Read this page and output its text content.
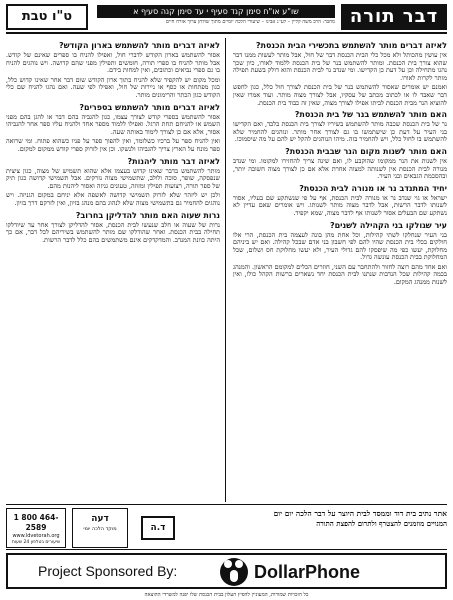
דבר תורה
שו"ע או"ח סימן קנד סעיף י עד סימן קנה סעיף א
מחבר: הרב משה קליין – לע"נ אבינו – שיעורי הלכה יומיים מתוך שולחן ערוך אורח חיים
ט"ו טבת
לאיזה דברים מותר להשתמש בתכשירי הבית הכנסת?
אין עושין מהכותל ולא מכל כלי הבית הכנסת דבר של חול, אבל מותר לעשות ממנו דבר שהוא צורך בית הכנסת. ומותר להשתמש בנר של בית הכנסת ללמוד לאורו, כיון שכך נהגו מתחילה וכן על דעת כן הקדישו. ומי שנדב נר לבית הכנסת והוא דולק בשעת תפילה מותר לקרות לאורו.
ואמנם יש אומרים שאסור להשתמש בנר של בית הכנסת לצורך חול כלל, כגון לחפש דבר שאבד לו או לכתוב מכתב של עסקיו, אבל לצורך מצוה מותר. ועוד אמרו שאין להוציא הנר מבית הכנסת לביתו אפילו לצורך מצוה, שאין זה כבוד בית הכנסת.
האם מותר להשתמש בנר של בית הכנסת?
נר של בית הכנסת שכבה מותר להשתמש בשיריו לצורך בית הכנסת בלבד, ואם הקדישו בני העיר על דעת כן שישתמשו בו גם לצורך אחר מותר. ונוהגים להחמיר שלא להשתמש בו לחול כלל, ויש להחמיר בזה. מיהו הנוהגים להקל יש להם על מה שיסמוכו.
האם מותר לשנות מקום הנר שבבית הכנסת?
אין לשנות את הנר ממקומו שהוקבע לו, ואם שינה צריך להחזירו למקומו. ומי שנדב מנורה לבית הכנסת אין לשנותה למצוה אחרת אלא אם כן לצורך מצוה חשובה יותר, ובהסכמת הגבאים ובני העיר.
יחיד המתנדב נר או מנורה לבית הכנסת?
ישראל או גוי שנדב נר או מנורה לבית הכנסת, אף על פי שנשתקע שם בעליו, אסור לשנותו לדבר הרשות, אבל לדבר מצוה מותר לשנותו. ויש אומרים שאם עדיין לא נשתקע שם הבעלים אסור לשנותו אף לדבר מצוה, שמא יקפיד.
עיר שגולקו בני הקהילה לשנים?
בני העיר שנחלקו לשתי קהילות, וכל אחת מהן בונה לעצמה בית הכנסת, הרי אלו חולקים בכלי בית הכנסת שהיו להם לפי חשבון בני אדם שבכל קהילה. ואם יש ביניהם מחלוקת, יעשו כפי מה שיפסקו להם גדולי העיר, ולא יעשו מחלוקת חס ושלום, שכל המחלוקת בבית הכנסת עונשה גדול.
ואם אחד מהם רוצה לחזור ולהתחבר עם השני, חוזרים הכלים למקומם הראשון. והמנהג בכמה קהילות שכל הנדבות שנתנו לבית הכנסת יחד נשארים ברשות הקהל כולו, ואין לשנות ממנהג המקום.
לאיזה דברים מותר להשתמש בארון הקודש?
אסור להשתמש בארון הקודש לדברי חול, ואפילו להניח בו ספרים שאינם של קודש. אבל מותר להניח בו ספרי תורה, חומשים ותפילין מפני שהם קדושה. ויש נוהגים להניח בו גם ספרי נביאים וכתובים, ואין למחות בידם.
ומכל מקום יש להקפיד שלא להניח בתוך ארון הקודש שום דבר אחר שאינו קדוש כלל, כגון מפתחות או כסף או ניירות של חול, ואפילו לפי שעה. ואם נהגו להניח שם כלי הקודש כגון הכתר והרימונים מותר.
לאיזה דברים מותר להשתמש בספרים?
אסור להשתמש בספרי קודש לצורך עצמו, כגון להגביה בהם דבר או להגן בהם מפני השמש או להניחם תחת הרגל. ואפילו ללמוד מספר אחד ולהניח עליו ספר אחר להגביהו אסור, אלא אם כן לצורך לימוד באותה שעה.
ואין להניח ספר על ברכיו כשלומד, ואין להפוך ספר על פניו כשהוא פתוח. ומי שרואה ספר מונח על הארץ צריך להגביהו ולנשקו. וכן אין לזרוק ספרי קודש ממקום למקום.
לאיזה דבר מותר ליהנות?
מותר להשתמש בדבר שאינו קדוש בעצמו אלא שהוא תשמיש של מצוה, כגון ציצית שנפסקה, שופר, סוכה ולולב, שתשמישי מצוה נזרקים. אבל תשמישי קדושה כגון תיק של ספר תורה, רצועות תפילין ומזוזה, טעונים גניזה ואסור ליהנות מהם.
ולכן יש ליזהר שלא לזרוק תשמישי קדושה לאשפה אלא יניחם במקום הגניזה. ויש נוהגים להחמיר גם בתשמישי מצוה שלא לנהוג בהם מנהג בזיון, ואין לזרקם דרך בזיון.
נרות שעוה האם מותר להדליקן בחרוב?
נרות של שעוה או חלב שנעשו לבית הכנסת, אסור להדליקן לצורך אחר עד שיודלקו תחילה בבית הכנסת. ואחר שהודלקו שם מותר להשתמש בשיריהם לכל דבר, אם כך היתה כוונת המנדב. והמדקדקים אינם משתמשים בהם כלל לדבר הרשות.
1 800 464-2589
www.ldvetorah.org
שיעורים בטלפון 24 שעות
דעה
מוקד הלכה יומי
אתר נתיב בית דוד וממסד לבית היוצר על דבר הלכה יום יום
המנויים מוזמנים להצטרף ולתרום להפצת התורה
ד.ה
Project Sponsored By:	DollarPhone
כל הזכויות שמורות, המעוניין להפיץ העלון בבית הכנסת שלו יפנה למשרדי ההוצאה
